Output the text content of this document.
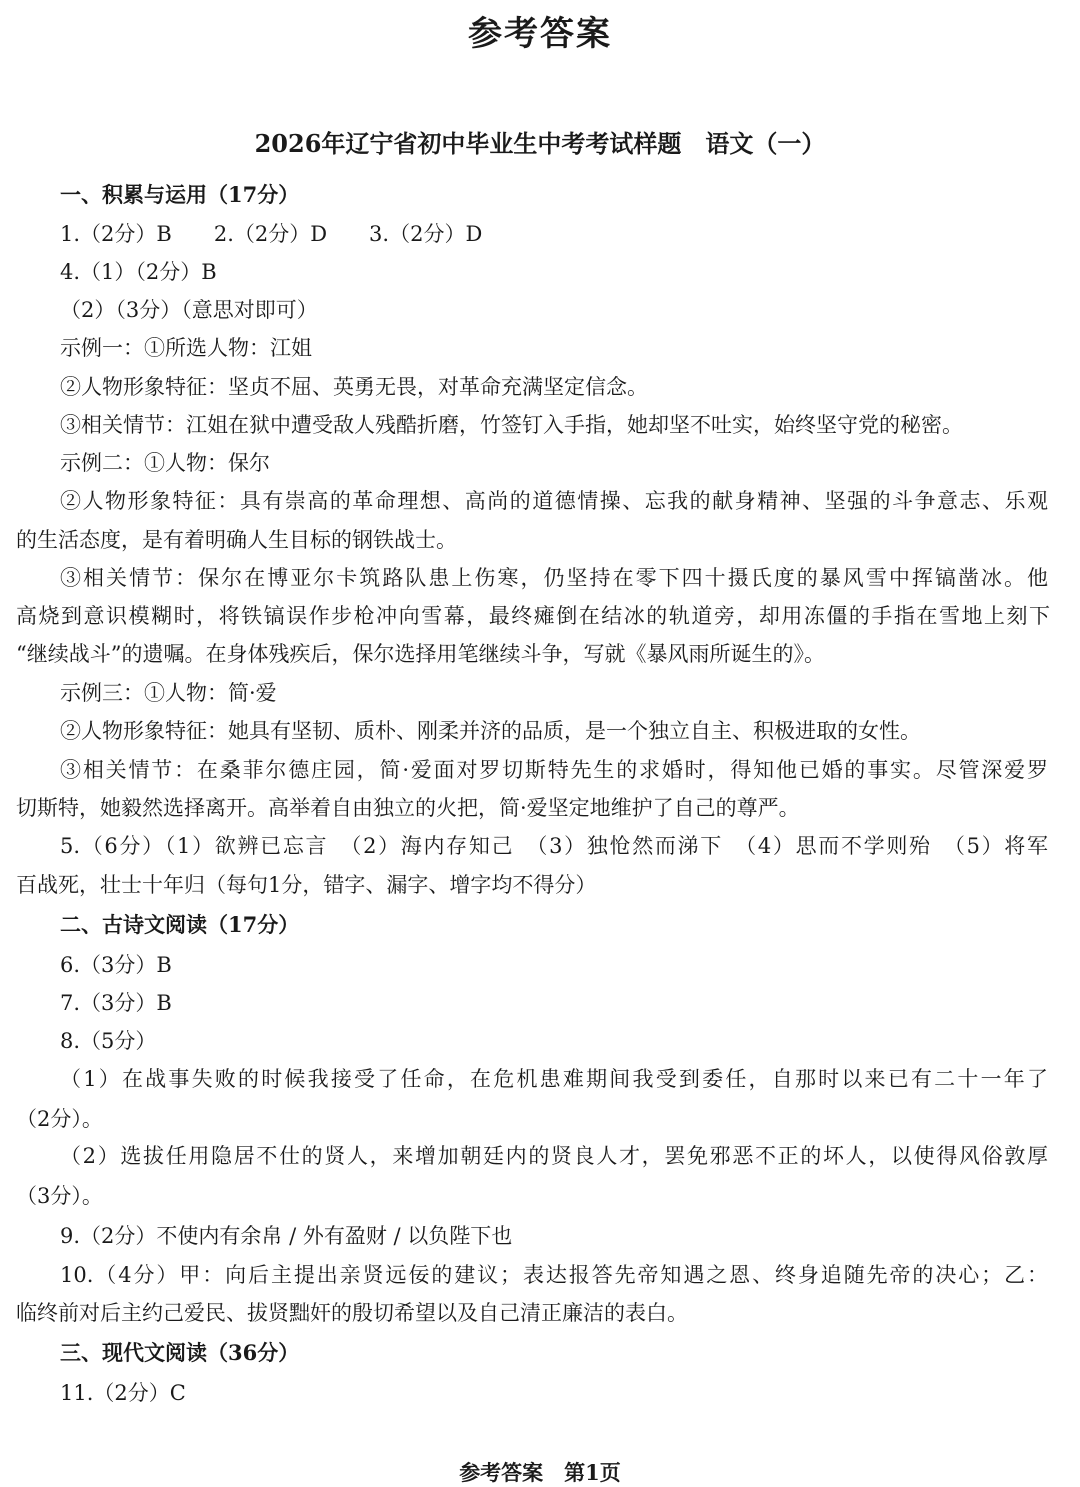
参考答案
2026年辽宁省初中毕业生中考考试样题　语文（一）
一、积累与运用（17分）
1.（2分）B　　2.（2分）D　　3.（2分）D
4.（1）（2分）B
（2）（3分）（意思对即可）
示例一：①所选人物：江姐
②人物形象特征：坚贞不屈、英勇无畏，对革命充满坚定信念。
③相关情节：江姐在狱中遭受敌人残酷折磨，竹签钉入手指，她却坚不吐实，始终坚守党的秘密。
示例二：①人物：保尔
②人物形象特征：具有崇高的革命理想、高尚的道德情操、忘我的献身精神、坚强的斗争意志、乐观
的生活态度，是有着明确人生目标的钢铁战士。
③相关情节：保尔在博亚尔卡筑路队患上伤寒，仍坚持在零下四十摄氏度的暴风雪中挥镐凿冰。他
高烧到意识模糊时，将铁镐误作步枪冲向雪幕，最终瘫倒在结冰的轨道旁，却用冻僵的手指在雪地上刻下
“继续战斗”的遗嘱。在身体残疾后，保尔选择用笔继续斗争，写就《暴风雨所诞生的》。
示例三：①人物：简·爱
②人物形象特征：她具有坚韧、质朴、刚柔并济的品质，是一个独立自主、积极进取的女性。
③相关情节：在桑菲尔德庄园，简·爱面对罗切斯特先生的求婚时，得知他已婚的事实。尽管深爱罗
切斯特，她毅然选择离开。高举着自由独立的火把，简·爱坚定地维护了自己的尊严。
5.（6分）（1）欲辨已忘言　（2）海内存知己　（3）独怆然而涕下　（4）思而不学则殆　（5）将军
百战死，壮士十年归（每句1分，错字、漏字、增字均不得分）
二、古诗文阅读（17分）
6.（3分）B
7.（3分）B
8.（5分）
（1）在战事失败的时候我接受了任命，在危机患难期间我受到委任，自那时以来已有二十一年了
（2分）。
（2）选拔任用隐居不仕的贤人，来增加朝廷内的贤良人才，罢免邪恶不正的坏人，以使得风俗敦厚
（3分）。
9.（2分）不使内有余帛 / 外有盈财 / 以负陛下也
10.（4分）甲：向后主提出亲贤远佞的建议；表达报答先帝知遇之恩、终身追随先帝的决心；乙：
临终前对后主约己爱民、拔贤黜奸的殷切希望以及自己清正廉洁的表白。
三、现代文阅读（36分）
11.（2分）C
参考答案　第1页
